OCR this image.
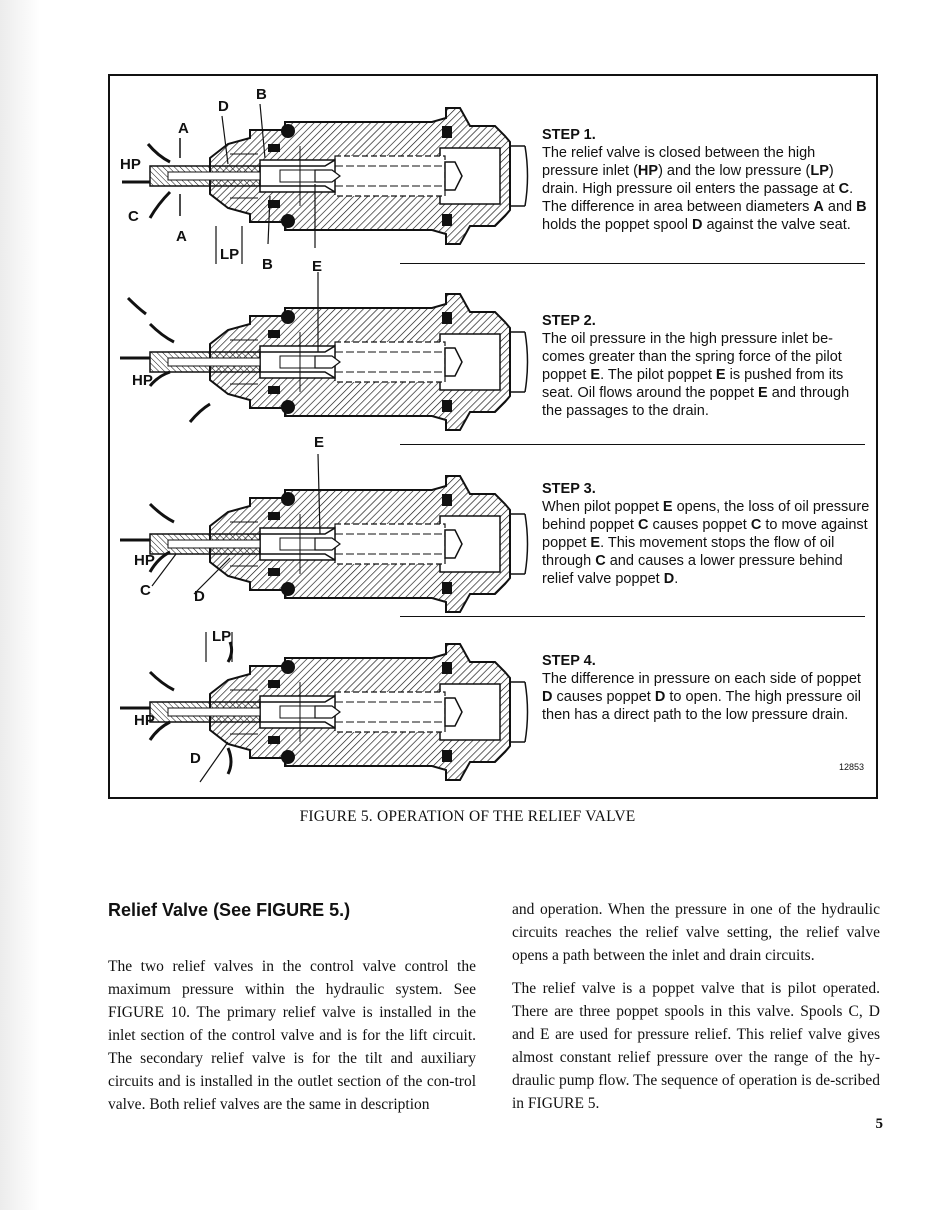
D
B
A
HP
C
A
LP
B	E
STEP 1.
The relief valve is closed between the high pressure inlet (HP) and the low pressure (LP) drain. High pressure oil enters the passage at C. The difference in area between diameters A and B holds the poppet spool D against the valve seat.
HP
STEP 2.
The oil pressure in the high pressure inlet be-comes greater than the spring force of the pilot poppet E. The pilot poppet E is pushed from its seat. Oil flows around the poppet E and through the passages to the drain.
E
HP
C	D
STEP 3.
When pilot poppet E opens, the loss of oil pressure behind poppet C causes poppet C to move against poppet E. This movement stops the flow of oil through C and causes a lower pressure behind relief valve poppet D.
LP
HP
D
STEP 4.
The difference in pressure on each side of poppet D causes poppet D to open. The high pressure oil then has a direct path to the low pressure drain.
12853
FIGURE 5. OPERATION OF THE RELIEF VALVE
Relief Valve (See FIGURE 5.)

The two relief valves in the control valve control the maximum pressure within the hydraulic system. See FIGURE 10. The primary relief valve is installed in the inlet section of the control valve and is for the lift circuit. The secondary relief valve is for the tilt and auxiliary circuits and is installed in the outlet section of the con-trol valve. Both relief valves are the same in description

and operation. When the pressure in one of the hydraulic circuits reaches the relief valve setting, the relief valve opens a path between the inlet and drain circuits.

The relief valve is a poppet valve that is pilot operated. There are three poppet spools in this valve. Spools C, D and E are used for pressure relief. This relief valve gives almost constant relief pressure over the range of the hy-draulic pump flow. The sequence of operation is de-scribed in FIGURE 5.

5
